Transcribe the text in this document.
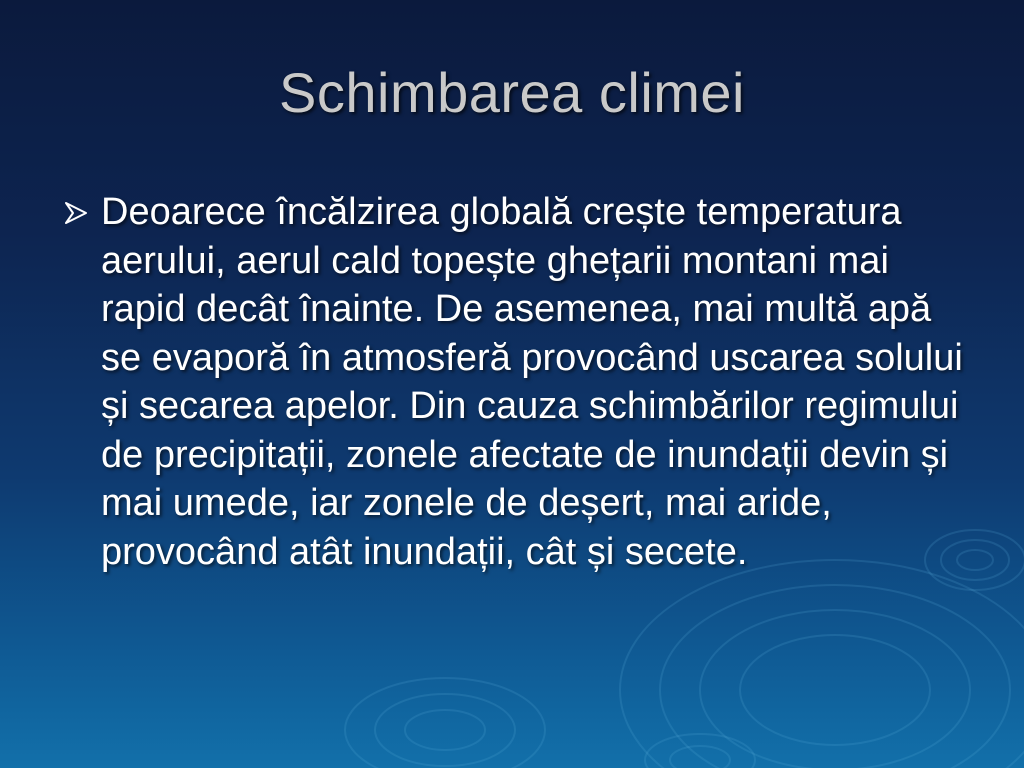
Schimbarea climei
Deoarece încălzirea globală crește temperatura aerului, aerul cald topește ghețarii montani mai rapid decât înainte. De asemenea, mai multă apă se evaporă în atmosferă provocând uscarea solului și secarea apelor. Din cauza schimbărilor regimului de precipitații, zonele afectate de inundații devin și mai umede, iar zonele de deșert, mai aride, provocând atât inundații, cât și secete.
